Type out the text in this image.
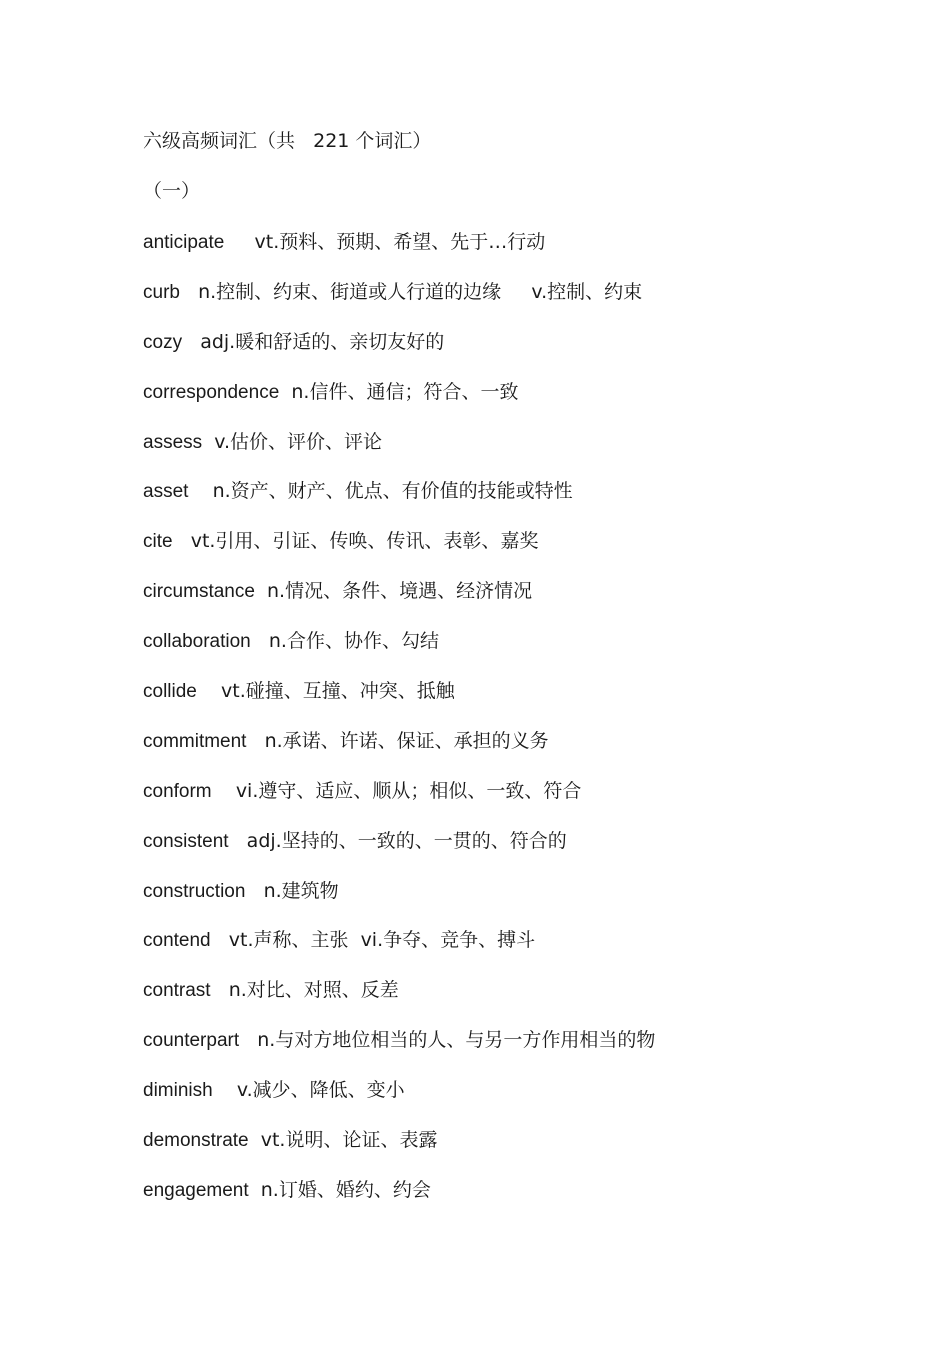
六级高频词汇（共   221 个词汇）
（一）
anticipate vt.预料、预期、希望、先于…行动
curb n.控制、约束、街道或人行道的边缘     v.控制、约束
cozy adj.暖和舒适的、亲切友好的
correspondence n.信件、通信；符合、一致
assess v.估价、评价、评论
asset n.资产、财产、优点、有价值的技能或特性
cite vt.引用、引证、传唤、传讯、表彰、嘉奖
circumstance n.情况、条件、境遇、经济情况
collaboration n.合作、协作、勾结
collide vt.碰撞、互撞、冲突、抵触
commitment n.承诺、许诺、保证、承担的义务
conform vi.遵守、适应、顺从；相似、一致、符合
consistent adj.坚持的、一致的、一贯的、符合的
construction n.建筑物
contend vt.声称、主张  vi.争夺、竞争、搏斗
contrast n.对比、对照、反差
counterpart n.与对方地位相当的人、与另一方作用相当的物
diminish v.减少、降低、变小
demonstrate vt.说明、论证、表露
engagement n.订婚、婚约、约会
